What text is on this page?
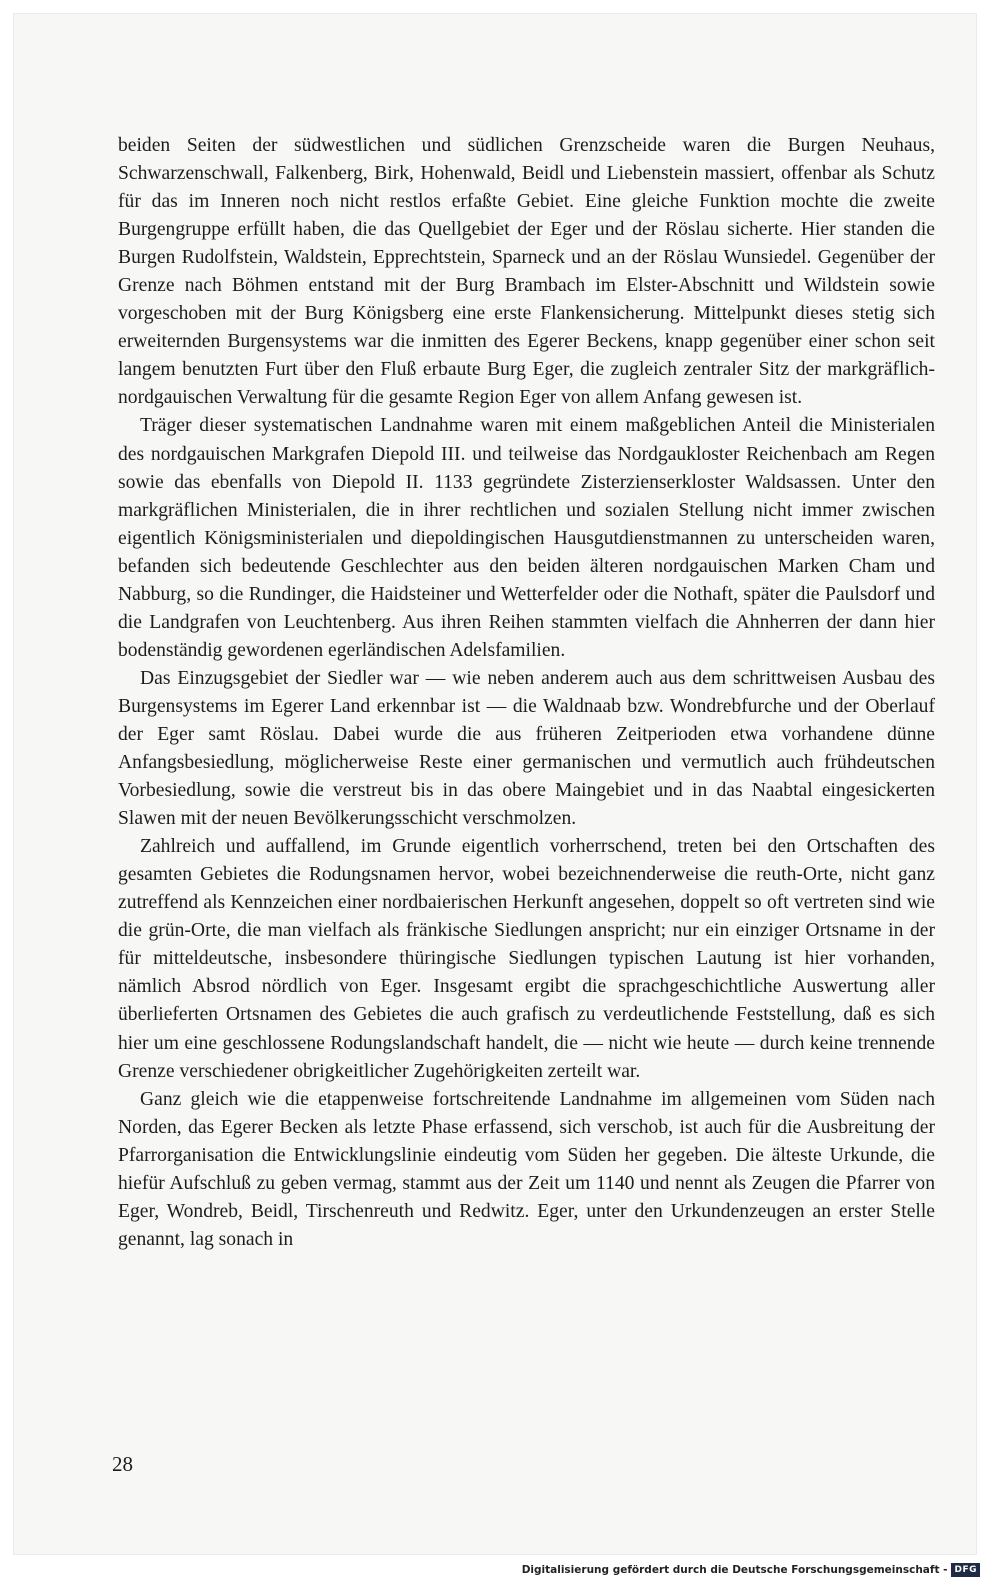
beiden Seiten der südwestlichen und südlichen Grenzscheide waren die Burgen Neuhaus, Schwarzenschwall, Falkenberg, Birk, Hohenwald, Beidl und Liebenstein massiert, offenbar als Schutz für das im Inneren noch nicht restlos erfaßte Gebiet. Eine gleiche Funktion mochte die zweite Burgengruppe erfüllt haben, die das Quellgebiet der Eger und der Röslau sicherte. Hier standen die Burgen Rudolfstein, Waldstein, Epprechtstein, Sparneck und an der Röslau Wunsiedel. Gegenüber der Grenze nach Böhmen entstand mit der Burg Brambach im Elster-Abschnitt und Wildstein sowie vorgeschoben mit der Burg Königsberg eine erste Flankensicherung. Mittelpunkt dieses stetig sich erweiternden Burgensystems war die inmitten des Egerer Beckens, knapp gegenüber einer schon seit langem benutzten Furt über den Fluß erbaute Burg Eger, die zugleich zentraler Sitz der markgräflich-nordgauischen Verwaltung für die gesamte Region Eger von allem Anfang gewesen ist.

Träger dieser systematischen Landnahme waren mit einem maßgeblichen Anteil die Ministerialen des nordgauischen Markgrafen Diepold III. und teilweise das Nordgaukloster Reichenbach am Regen sowie das ebenfalls von Diepold II. 1133 gegründete Zisterzienserkloster Waldsassen. Unter den markgräflichen Ministerialen, die in ihrer rechtlichen und sozialen Stellung nicht immer zwischen eigentlich Königsministerialen und diepoldingischen Hausgutdienstmannen zu unterscheiden waren, befanden sich bedeutende Geschlechter aus den beiden älteren nordgauischen Marken Cham und Nabburg, so die Rundinger, die Haidsteiner und Wetterfelder oder die Nothaft, später die Paulsdorf und die Landgrafen von Leuchtenberg. Aus ihren Reihen stammten vielfach die Ahnherren der dann hier bodenständig gewordenen egerländischen Adelsfamilien.

Das Einzugsgebiet der Siedler war — wie neben anderem auch aus dem schrittweisen Ausbau des Burgensystems im Egerer Land erkennbar ist — die Waldnaab bzw. Wondrebfurche und der Oberlauf der Eger samt Röslau. Dabei wurde die aus früheren Zeitperioden etwa vorhandene dünne Anfangsbesiedlung, möglicherweise Reste einer germanischen und vermutlich auch frühdeutschen Vorbesiedlung, sowie die verstreut bis in das obere Maingebiet und in das Naabtal eingesickerten Slawen mit der neuen Bevölkerungsschicht verschmolzen.

Zahlreich und auffallend, im Grunde eigentlich vorherrschend, treten bei den Ortschaften des gesamten Gebietes die Rodungsnamen hervor, wobei bezeichnenderweise die reuth-Orte, nicht ganz zutreffend als Kennzeichen einer nordbaierischen Herkunft angesehen, doppelt so oft vertreten sind wie die grün-Orte, die man vielfach als fränkische Siedlungen anspricht; nur ein einziger Ortsname in der für mitteldeutsche, insbesondere thüringische Siedlungen typischen Lautung ist hier vorhanden, nämlich Absrod nördlich von Eger. Insgesamt ergibt die sprachgeschichtliche Auswertung aller überlieferten Ortsnamen des Gebietes die auch grafisch zu verdeutlichende Feststellung, daß es sich hier um eine geschlossene Rodungslandschaft handelt, die — nicht wie heute — durch keine trennende Grenze verschiedener obrigkeitlicher Zugehörigkeiten zerteilt war.

Ganz gleich wie die etappenweise fortschreitende Landnahme im allgemeinen vom Süden nach Norden, das Egerer Becken als letzte Phase erfassend, sich verschob, ist auch für die Ausbreitung der Pfarrorganisation die Entwicklungslinie eindeutig vom Süden her gegeben. Die älteste Urkunde, die hiefür Aufschluß zu geben vermag, stammt aus der Zeit um 1140 und nennt als Zeugen die Pfarrer von Eger, Wondreb, Beidl, Tirschenreuth und Redwitz. Eger, unter den Urkundenzeugen an erster Stelle genannt, lag sonach in

28
Digitalisierung gefördert durch die Deutsche Forschungsgemeinschaft - DFG
